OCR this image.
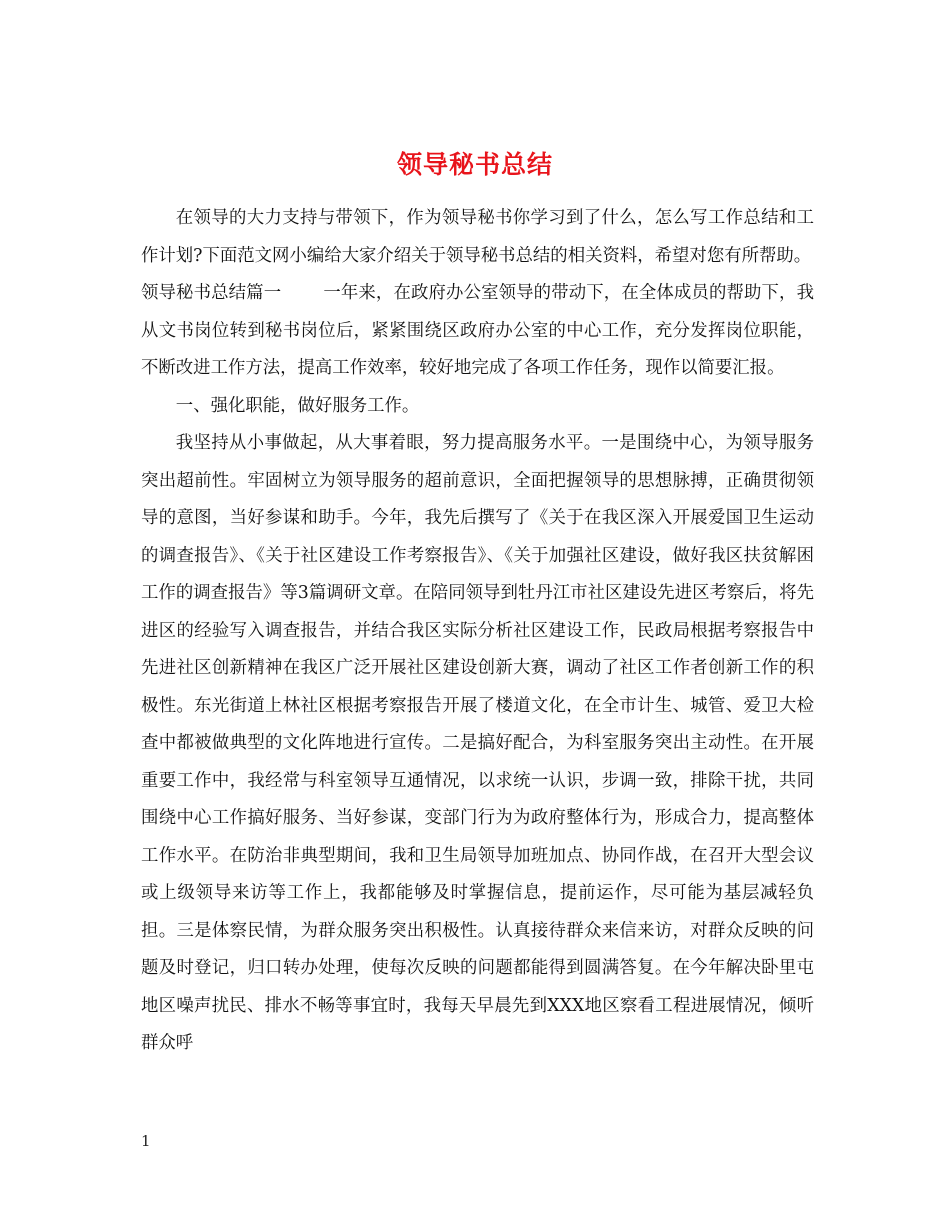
领导秘书总结

在领导的大力支持与带领下，作为领导秘书你学习到了什么，怎么写工作总结和工作计划?下面范文网小编给大家介绍关于领导秘书总结的相关资料，希望对您有所帮助。

领导秘书总结篇一 一年来，在政府办公室领导的带动下，在全体成员的帮助下，我从文书岗位转到秘书岗位后，紧紧围绕区政府办公室的中心工作，充分发挥岗位职能，不断改进工作方法，提高工作效率，较好地完成了各项工作任务，现作以简要汇报。

一、强化职能，做好服务工作。

我坚持从小事做起，从大事着眼，努力提高服务水平。一是围绕中心，为领导服务突出超前性。牢固树立为领导服务的超前意识，全面把握领导的思想脉搏，正确贯彻领导的意图，当好参谋和助手。今年，我先后撰写了《关于在我区深入开展爱国卫生运动的调查报告》、《关于社区建设工作考察报告》、《关于加强社区建设，做好我区扶贫解困工作的调查报告》等3篇调研文章。在陪同领导到牡丹江市社区建设先进区考察后，将先进区的经验写入调查报告，并结合我区实际分析社区建设工作，民政局根据考察报告中先进社区创新精神在我区广泛开展社区建设创新大赛，调动了社区工作者创新工作的积极性。东光街道上林社区根据考察报告开展了楼道文化，在全市计生、城管、爱卫大检查中都被做典型的文化阵地进行宣传。二是搞好配合，为科室服务突出主动性。在开展重要工作中，我经常与科室领导互通情况，以求统一认识，步调一致，排除干扰，共同围绕中心工作搞好服务、当好参谋，变部门行为为政府整体行为，形成合力，提高整体工作水平。在防治非典型期间，我和卫生局领导加班加点、协同作战，在召开大型会议或上级领导来访等工作上，我都能够及时掌握信息，提前运作，尽可能为基层减轻负担。三是体察民情，为群众服务突出积极性。认真接待群众来信来访，对群众反映的问题及时登记，归口转办处理，使每次反映的问题都能得到圆满答复。在今年解决卧里屯地区噪声扰民、排水不畅等事宜时，我每天早晨先到XXX地区察看工程进展情况，倾听群众呼

1
